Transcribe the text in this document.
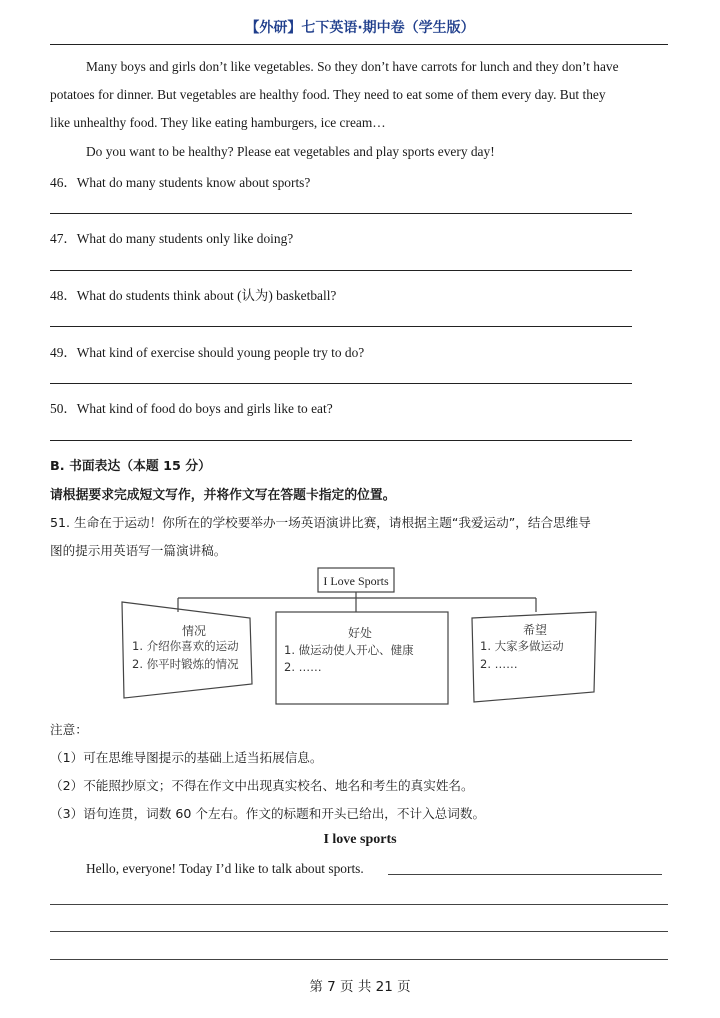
【外研】七下英语·期中卷（学生版）
Many boys and girls don’t like vegetables. So they don’t have carrots for lunch and they don’t have
potatoes for dinner. But vegetables are healthy food. They need to eat some of them every day. But they
like unhealthy food. They like eating hamburgers, ice cream…
Do you want to be healthy? Please eat vegetables and play sports every day!
46．What do many students know about sports?
47．What do many students only like doing?
48．What do students think about (认为) basketball?
49．What kind of exercise should young people try to do?
50．What kind of food do boys and girls like to eat?
B. 书面表达（本题 15 分）
请根据要求完成短文写作，并将作文写在答题卡指定的位置。
51. 生命在于运动！你所在的学校要举办一场英语演讲比赛，请根据主题“我爱运动”，结合思维导
图的提示用英语写一篇演讲稿。
I Love Sports
情况
1. 介绍你喜欢的运动
2. 你平时锻炼的情况
好处
1. 做运动使人开心、健康
2. ……
希望
1. 大家多做运动
2. ……
注意：
（1）可在思维导图提示的基础上适当拓展信息。
（2）不能照抄原文；不得在作文中出现真实校名、地名和考生的真实姓名。
（3）语句连贯，词数 60 个左右。作文的标题和开头已给出，不计入总词数。
I love sports
Hello, everyone! Today I’d like to talk about sports.
第 7 页 共 21 页
